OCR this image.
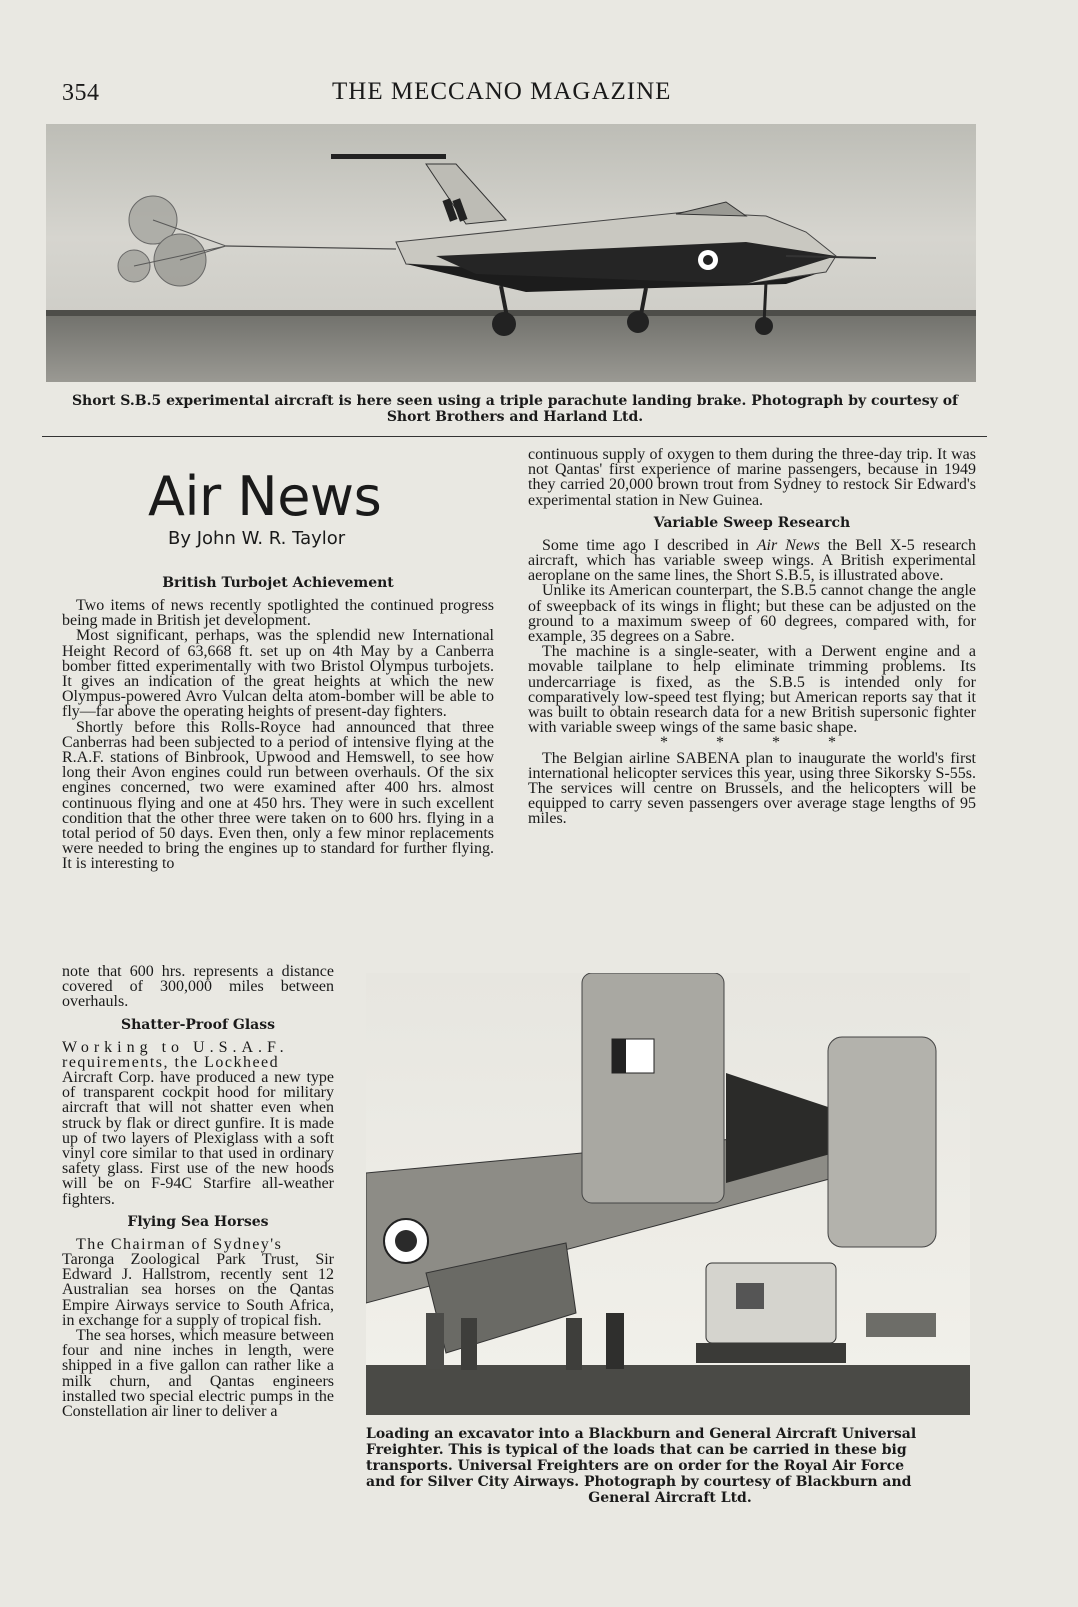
354	THE MECCANO MAGAZINE
Short S.B.5 experimental aircraft is here seen using a triple parachute landing brake. Photograph by courtesy of
Short Brothers and Harland Ltd.
Air News
By John W. R. Taylor
British Turbojet Achievement

Two items of news recently spotlighted the continued progress being made in British jet development.

Most significant, perhaps, was the splendid new International Height Record of 63,668 ft. set up on 4th May by a Canberra bomber fitted experimentally with two Bristol Olympus turbojets. It gives an indication of the great heights at which the new Olympus-powered Avro Vulcan delta atom-bomber will be able to fly—far above the operating heights of present-day fighters.

Shortly before this Rolls-Royce had announced that three Canberras had been subjected to a period of intensive flying at the R.A.F. stations of Binbrook, Upwood and Hemswell, to see how long their Avon engines could run between overhauls. Of the six engines concerned, two were examined after 400 hrs. almost continuous flying and one at 450 hrs. They were in such excellent condition that the other three were taken on to 600 hrs. flying in a total period of 50 days. Even then, only a few minor replacements were needed to bring the engines up to standard for further flying. It is interesting to

note that 600 hrs. represents a distance covered of 300,000 miles between overhauls.

Shatter-Proof Glass

Working to U.S.A.F.

requirements, the Lockheed

Aircraft Corp. have produced a new type of transparent cockpit hood for military aircraft that will not shatter even when struck by flak or direct gunfire. It is made up of two layers of Plexiglass with a soft vinyl core similar to that used in ordinary safety glass. First use of the new hoods will be on F-94C Starfire all-weather fighters.

Flying Sea Horses

The Chairman of Sydney's

Taronga Zoological Park Trust, Sir Edward J. Hallstrom, recently sent 12 Australian sea horses on the Qantas Empire Airways service to South Africa, in exchange for a supply of tropical fish.

The sea horses, which measure between four and nine inches in length, were shipped in a five gallon can rather like a milk churn, and Qantas engineers installed two special electric pumps in the Constellation air liner to deliver a

continuous supply of oxygen to them during the three-day trip. It was not Qantas' first experience of marine passengers, because in 1949 they carried 20,000 brown trout from Sydney to restock Sir Edward's experimental station in New Guinea.

Variable Sweep Research

Some time ago I described in Air News the Bell X-5 research aircraft, which has variable sweep wings. A British experimental aeroplane on the same lines, the Short S.B.5, is illustrated above.

Unlike its American counterpart, the S.B.5 cannot change the angle of sweepback of its wings in flight; but these can be adjusted on the ground to a maximum sweep of 60 degrees, compared with, for example, 35 degrees on a Sabre.

The machine is a single-seater, with a Derwent engine and a movable tailplane to help eliminate trimming problems. Its undercarriage is fixed, as the S.B.5 is intended only for comparatively low-speed test flying; but American reports say that it was built to obtain research data for a new British supersonic fighter with variable sweep wings of the same basic shape.

* * * *

The Belgian airline SABENA plan to inaugurate the world's first international helicopter services this year, using three Sikorsky S-55s. The services will centre on Brussels, and the helicopters will be equipped to carry seven passengers over average stage lengths of 95 miles.

Loading an excavator into a Blackburn and General Aircraft Universal
Freighter. This is typical of the loads that can be carried in these big
transports. Universal Freighters are on order for the Royal Air Force
and for Silver City Airways. Photograph by courtesy of Blackburn and
General Aircraft Ltd.
